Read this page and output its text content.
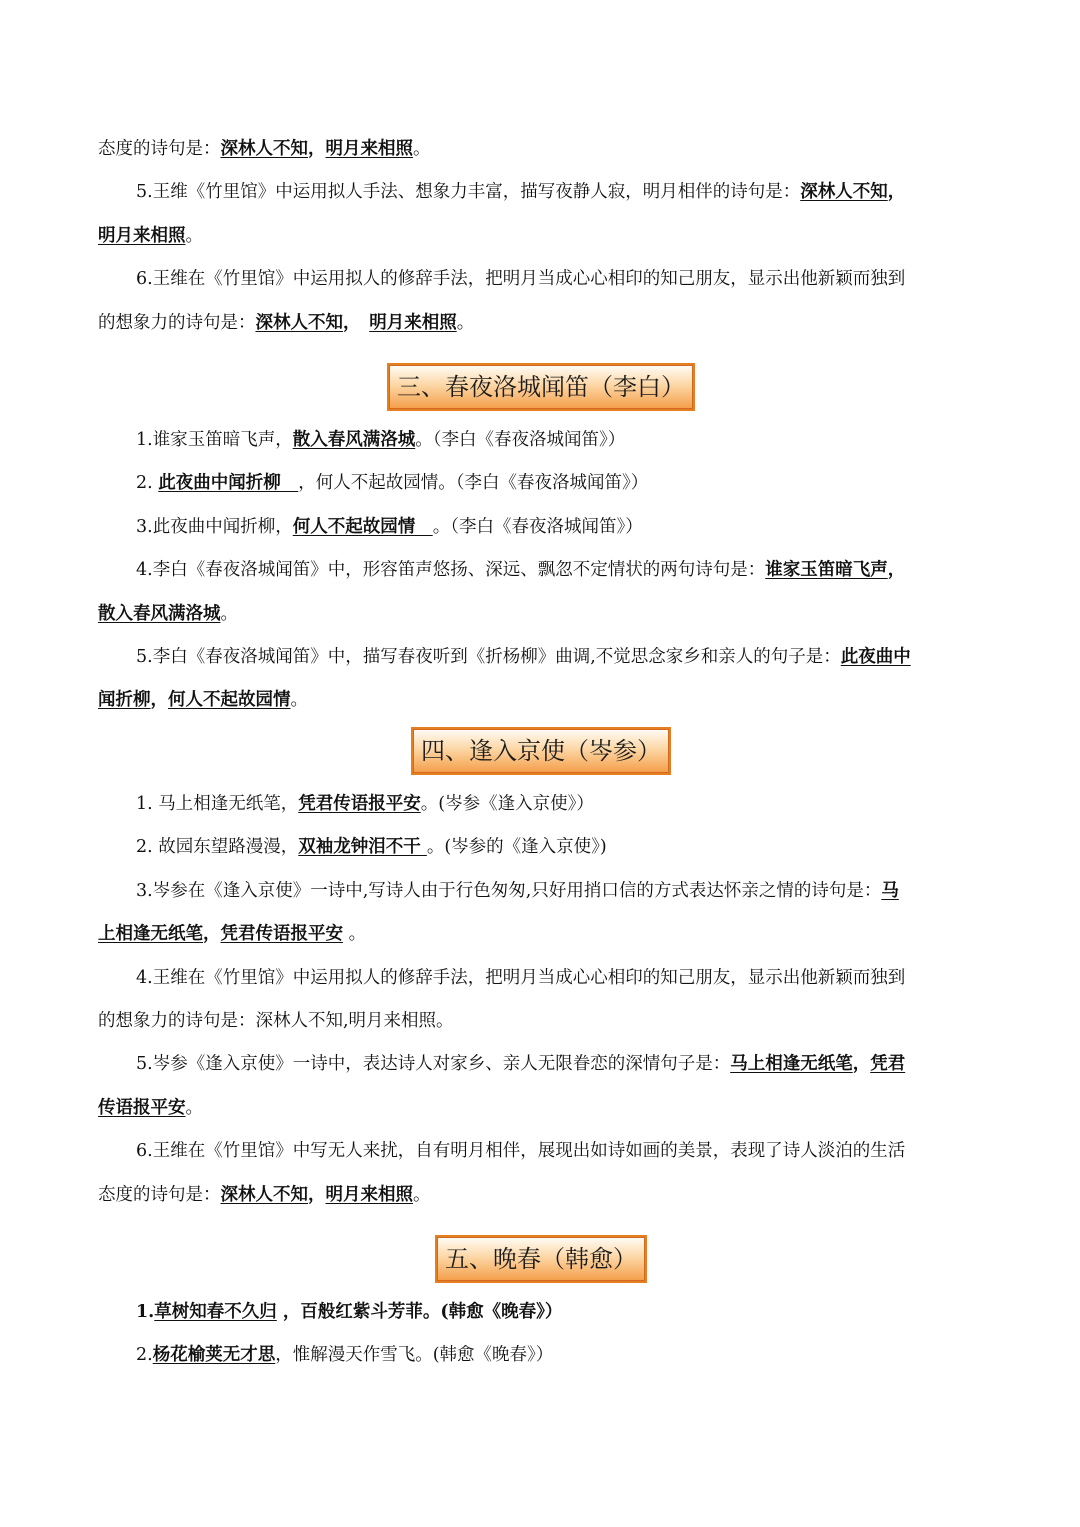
态度的诗句是：深林人不知，明月来相照。
5.王维《竹里馆》中运用拟人手法、想象力丰富，描写夜静人寂，明月相伴的诗句是：深林人不知，
明月来相照。
6.王维在《竹里馆》中运用拟人的修辞手法，把明月当成心心相印的知己朋友，显示出他新颖而独到
的想象力的诗句是：深林人不知，　明月来相照。
三、春夜洛城闻笛（李白）
1.谁家玉笛暗飞声，散入春风满洛城。（李白《春夜洛城闻笛》）
2. 此夜曲中闻折柳　，何人不起故园情。（李白《春夜洛城闻笛》）
3.此夜曲中闻折柳，何人不起故园情　。（李白《春夜洛城闻笛》）
4.李白《春夜洛城闻笛》中，形容笛声悠扬、深远、飘忽不定情状的两句诗句是：谁家玉笛暗飞声，
散入春风满洛城。
5.李白《春夜洛城闻笛》中，描写春夜听到《折杨柳》曲调,不觉思念家乡和亲人的句子是：此夜曲中
闻折柳，何人不起故园情。
四、逢入京使（岑参）
1. 马上相逢无纸笔，凭君传语报平安。(岑参《逢入京使》）
2. 故园东望路漫漫，双袖龙钟泪不干 。(岑参的《逢入京使》)
3.岑参在《逢入京使》一诗中,写诗人由于行色匆匆,只好用捎口信的方式表达怀亲之情的诗句是：马
上相逢无纸笔，凭君传语报平安 。
4.王维在《竹里馆》中运用拟人的修辞手法，把明月当成心心相印的知己朋友，显示出他新颖而独到
的想象力的诗句是：深林人不知,明月来相照。
5.岑参《逢入京使》一诗中，表达诗人对家乡、亲人无限眷恋的深情句子是：马上相逢无纸笔，凭君
传语报平安。
6.王维在《竹里馆》中写无人来扰，自有明月相伴，展现出如诗如画的美景，表现了诗人淡泊的生活
态度的诗句是：深林人不知，明月来相照。
五、晚春（韩愈）
1.草树知春不久归 ，百般红紫斗芳菲。(韩愈《晚春》）
2.杨花榆荚无才思，惟解漫天作雪飞。(韩愈《晚春》）
